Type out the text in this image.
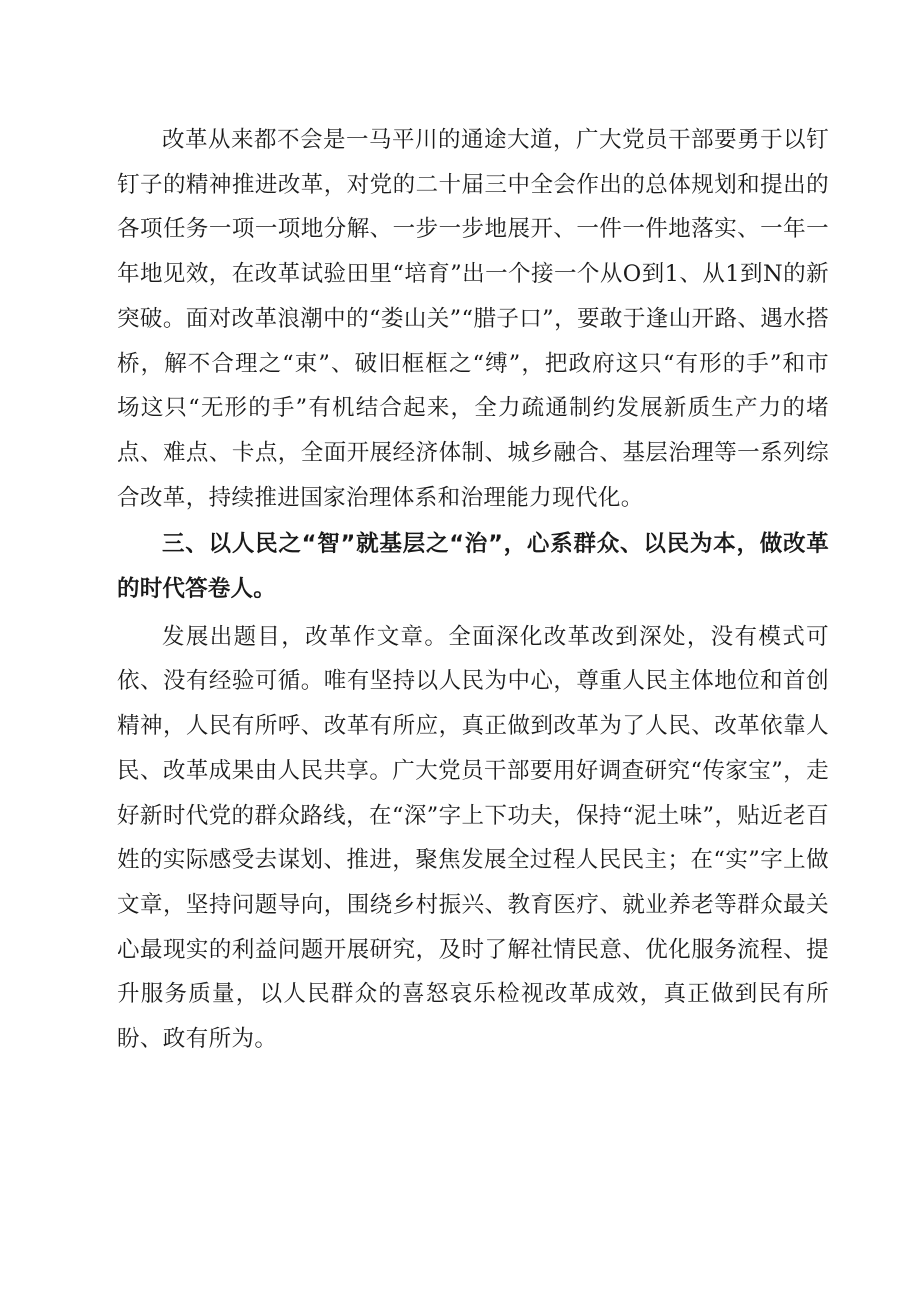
改革从来都不会是一马平川的通途大道，广大党员干部要勇于以钉钉子的精神推进改革，对党的二十届三中全会作出的总体规划和提出的各项任务一项一项地分解、一步一步地展开、一件一件地落实、一年一年地见效，在改革试验田里“培育”出一个接一个从O到1、从1到N的新突破。面对改革浪潮中的“娄山关”“腊子口”，要敢于逢山开路、遇水搭桥，解不合理之“束”、破旧框框之“缚”，把政府这只“有形的手”和市场这只“无形的手”有机结合起来，全力疏通制约发展新质生产力的堵点、难点、卡点，全面开展经济体制、城乡融合、基层治理等一系列综合改革，持续推进国家治理体系和治理能力现代化。

三、以人民之“智”就基层之“治”，心系群众、以民为本，做改革的时代答卷人。

发展出题目，改革作文章。全面深化改革改到深处，没有模式可依、没有经验可循。唯有坚持以人民为中心，尊重人民主体地位和首创精神，人民有所呼、改革有所应，真正做到改革为了人民、改革依靠人民、改革成果由人民共享。广大党员干部要用好调查研究“传家宝”，走好新时代党的群众路线，在“深”字上下功夫，保持“泥土味”，贴近老百姓的实际感受去谋划、推进，聚焦发展全过程人民民主；在“实”字上做文章，坚持问题导向，围绕乡村振兴、教育医疗、就业养老等群众最关心最现实的利益问题开展研究，及时了解社情民意、优化服务流程、提升服务质量，以人民群众的喜怒哀乐检视改革成效，真正做到民有所盼、政有所为。
